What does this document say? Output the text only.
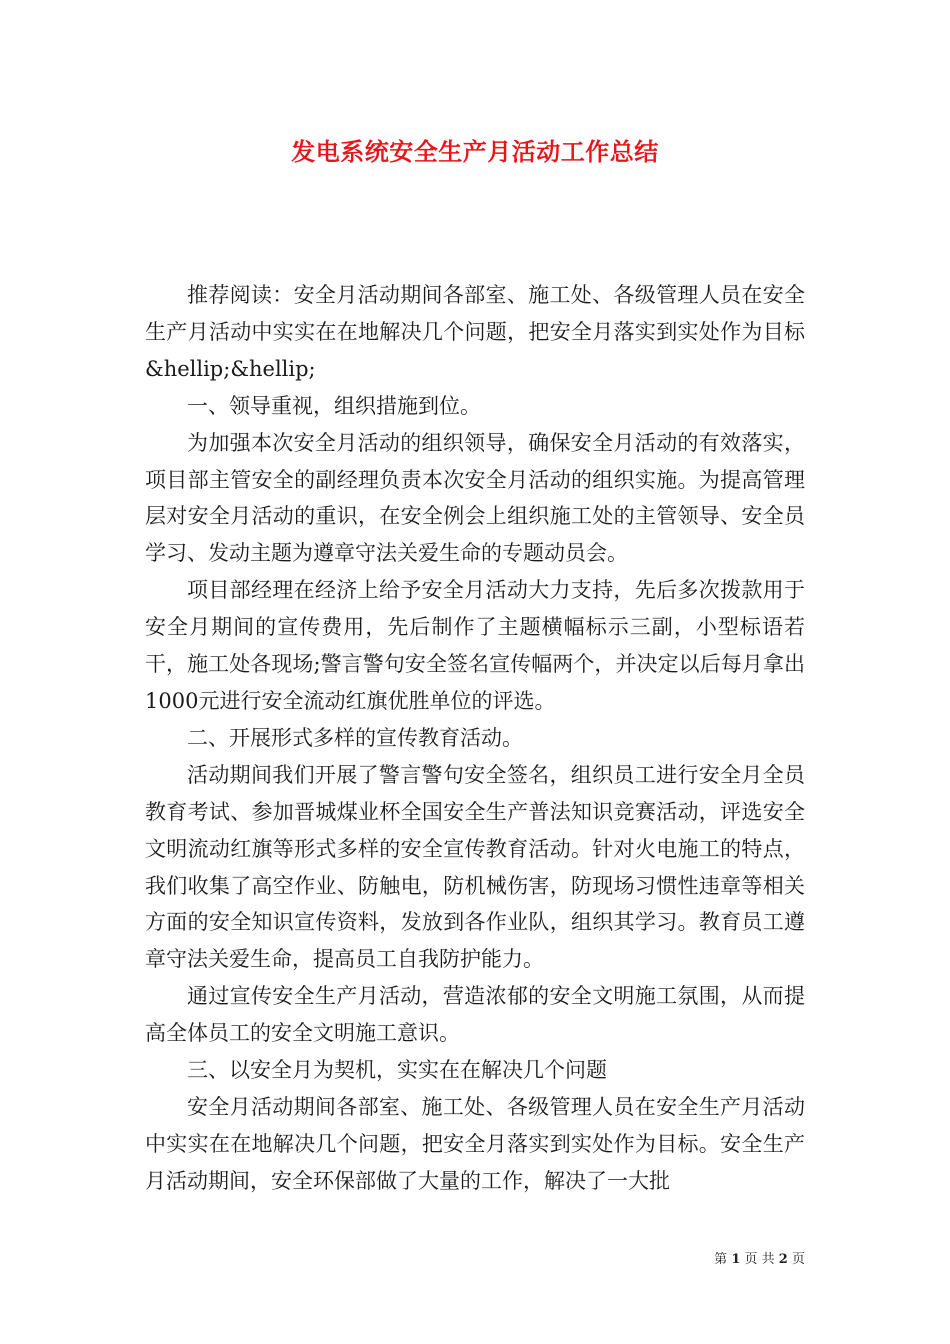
发电系统安全生产月活动工作总结

推荐阅读：安全月活动期间各部室、施工处、各级管理人员在安全生产月活动中实实在在地解决几个问题，把安全月落实到实处作为目标&hellip;&hellip;

一、领导重视，组织措施到位。

为加强本次安全月活动的组织领导，确保安全月活动的有效落实，项目部主管安全的副经理负责本次安全月活动的组织实施。为提高管理层对安全月活动的重识，在安全例会上组织施工处的主管领导、安全员学习、发动主题为遵章守法关爱生命的专题动员会。

项目部经理在经济上给予安全月活动大力支持，先后多次拨款用于安全月期间的宣传费用，先后制作了主题横幅标示三副，小型标语若干，施工处各现场;警言警句安全签名宣传幅两个，并决定以后每月拿出1000元进行安全流动红旗优胜单位的评选。

二、开展形式多样的宣传教育活动。

活动期间我们开展了警言警句安全签名，组织员工进行安全月全员教育考试、参加晋城煤业杯全国安全生产普法知识竞赛活动，评选安全文明流动红旗等形式多样的安全宣传教育活动。针对火电施工的特点，我们收集了高空作业、防触电，防机械伤害，防现场习惯性违章等相关方面的安全知识宣传资料，发放到各作业队，组织其学习。教育员工遵章守法关爱生命，提高员工自我防护能力。

通过宣传安全生产月活动，营造浓郁的安全文明施工氛围，从而提高全体员工的安全文明施工意识。

三、以安全月为契机，实实在在解决几个问题

安全月活动期间各部室、施工处、各级管理人员在安全生产月活动中实实在在地解决几个问题，把安全月落实到实处作为目标。安全生产月活动期间，安全环保部做了大量的工作，解决了一大批

第 1 页 共 2 页
